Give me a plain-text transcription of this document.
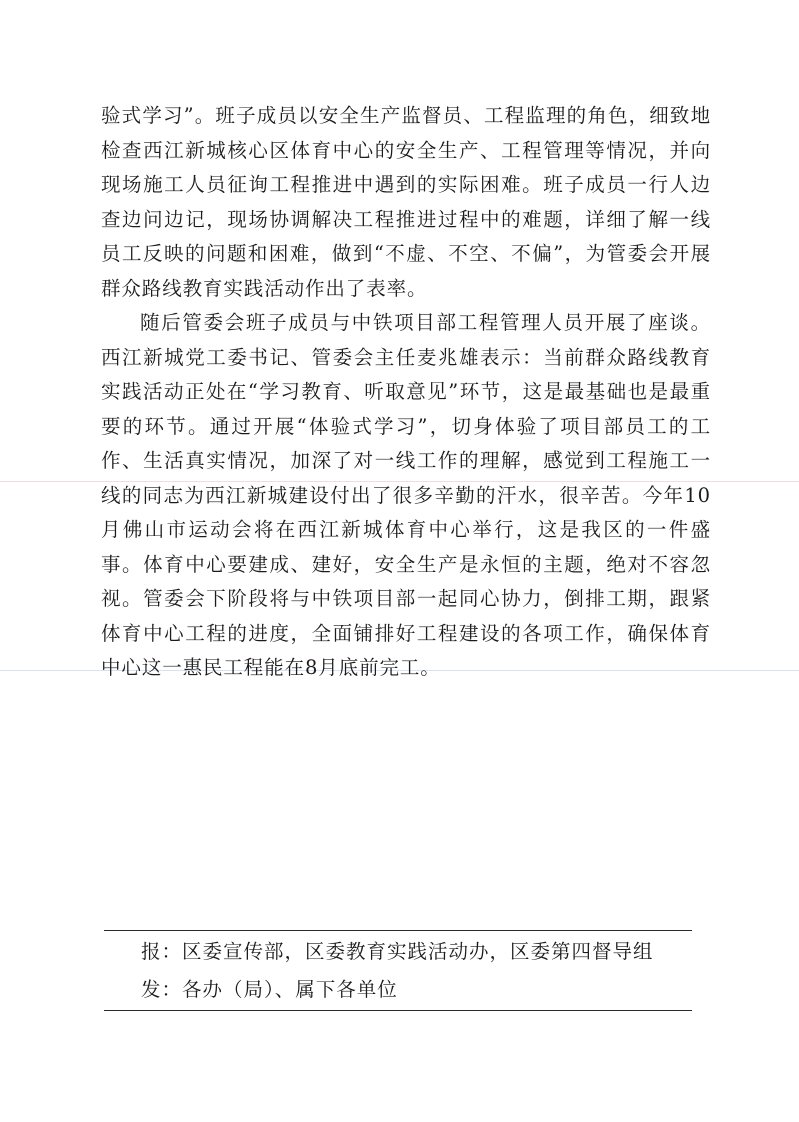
验式学习”。班子成员以安全生产监督员、工程监理的角色，细致地检查西江新城核心区体育中心的安全生产、工程管理等情况，并向现场施工人员征询工程推进中遇到的实际困难。班子成员一行人边查边问边记，现场协调解决工程推进过程中的难题，详细了解一线员工反映的问题和困难，做到“不虚、不空、不偏”，为管委会开展群众路线教育实践活动作出了表率。

随后管委会班子成员与中铁项目部工程管理人员开展了座谈。 西江新城党工委书记、管委会主任麦兆雄表示：当前群众路线教育实践活动正处在“学习教育、听取意见”环节，这是最基础也是最重要的环节。通过开展“体验式学习”，切身体验了项目部员工的工作、生活真实情况，加深了对一线工作的理解，感觉到工程施工一线的同志为西江新城建设付出了很多辛勤的汗水，很辛苦。今年10月佛山市运动会将在西江新城体育中心举行，这是我区的一件盛事。体育中心要建成、建好，安全生产是永恒的主题，绝对不容忽视。管委会下阶段将与中铁项目部一起同心协力，倒排工期，跟紧体育中心工程的进度，全面铺排好工程建设的各项工作，确保体育中心这一惠民工程能在8月底前完工。

报：区委宣传部，区委教育实践活动办，区委第四督导组
发：各办（局）、属下各单位
